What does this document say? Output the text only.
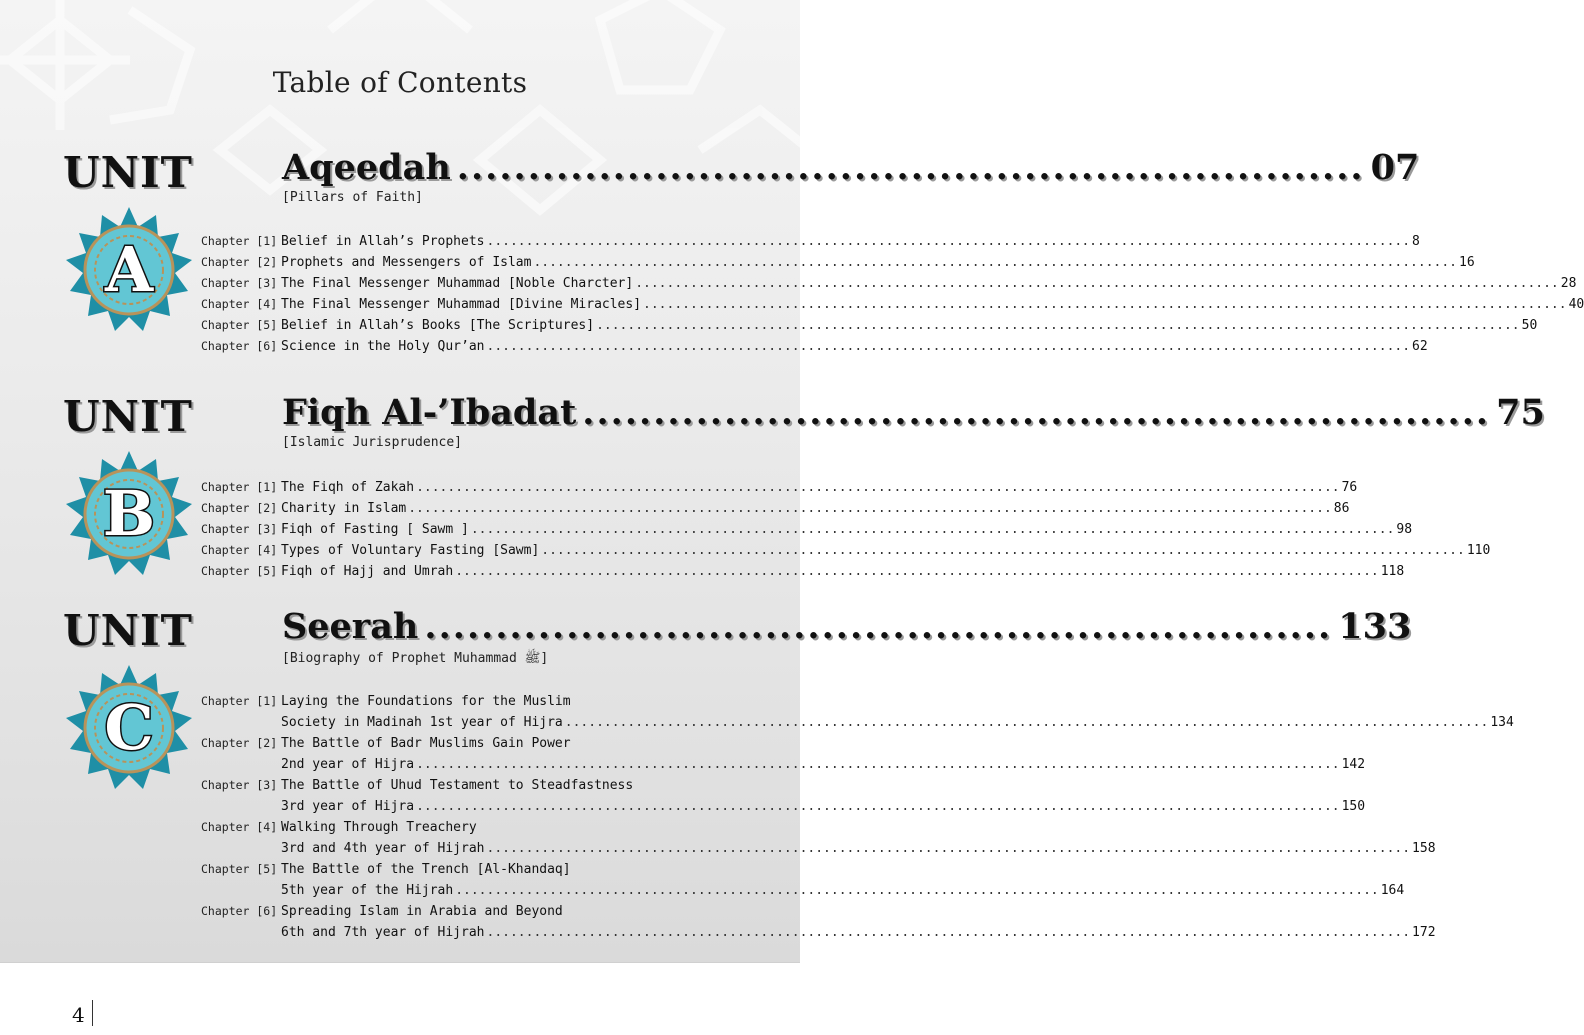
Table of Contents
UNIT
A
Aqeedah .....	07
[Pillars of Faith]
Chapter [1] Belief in Allah’s Prophets .....	8
Chapter [2] Prophets and Messengers of Islam .....	16
Chapter [3] The Final Messenger Muhammad [Noble Charcter] .....	28
Chapter [4] The Final Messenger Muhammad [Divine Miracles] .....	40
Chapter [5] Belief in Allah’s Books [The Scriptures] .....	50
Chapter [6] Science in the Holy Qur’an .....	62
UNIT
B
Fiqh Al-’Ibadat .....	75
[Islamic Jurisprudence]
Chapter [1] The Fiqh of Zakah .....	76
Chapter [2] Charity in Islam .....	86
Chapter [3] Fiqh of Fasting [ Sawm ] .....	98
Chapter [4] Types of Voluntary Fasting [Sawm] .....	110
Chapter [5] Fiqh of Hajj and Umrah .....	118
UNIT
C
Seerah .....	133
[Biography of Prophet Muhammad ﷺ]
Chapter [1] Laying the Foundations for the Muslim
Society in Madinah 1st year of Hijra .....	134
Chapter [2] The Battle of Badr Muslims Gain Power
2nd year of Hijra .....	142
Chapter [3] The Battle of Uhud Testament to Steadfastness
3rd year of Hijra .....	150
Chapter [4] Walking Through Treachery
3rd and 4th year of Hijrah .....	158
Chapter [5] The Battle of the Trench [Al-Khandaq]
5th year of the Hijrah .....	164
Chapter [6] Spreading Islam in Arabia and Beyond
6th and 7th year of Hijrah .....	172
4
